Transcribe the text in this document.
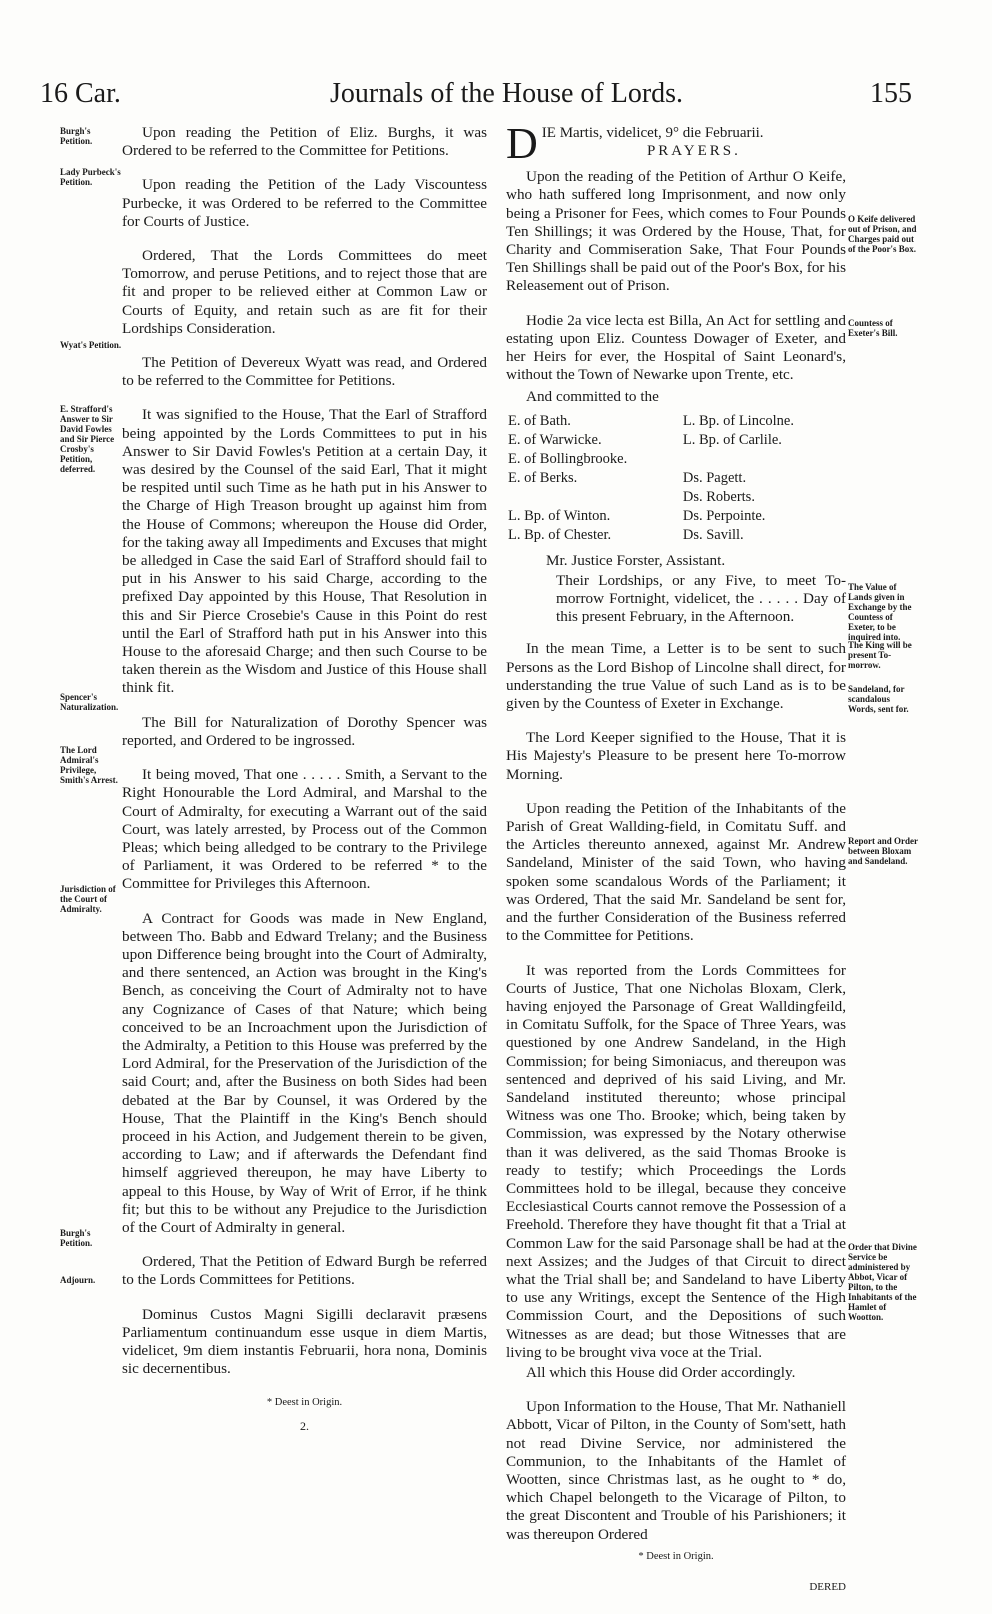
16 Car.	Journals of the House of Lords.	155

Upon reading the Petition of Eliz. Burghs, it was Ordered to be referred to the Committee for Petitions.

Upon reading the Petition of the Lady Viscountess Purbecke, it was Ordered to be referred to the Committee for Courts of Justice.

Ordered, That the Lords Committees do meet Tomorrow, and peruse Petitions, and to reject those that are fit and proper to be relieved either at Common Law or Courts of Equity, and retain such as are fit for their Lordships Consideration.

The Petition of Devereux Wyatt was read, and Ordered to be referred to the Committee for Petitions.

It was signified to the House, That the Earl of Strafford being appointed by the Lords Committees to put in his Answer to Sir David Fowles's Petition at a certain Day, it was desired by the Counsel of the said Earl, That it might be respited until such Time as he hath put in his Answer to the Charge of High Treason brought up against him from the House of Commons; whereupon the House did Order, for the taking away all Impediments and Excuses that might be alledged in Case the said Earl of Strafford should fail to put in his Answer to his said Charge, according to the prefixed Day appointed by this House, That Resolution in this and Sir Pierce Crosebie's Cause in this Point do rest until the Earl of Strafford hath put in his Answer into this House to the aforesaid Charge; and then such Course to be taken therein as the Wisdom and Justice of this House shall think fit.

The Bill for Naturalization of Dorothy Spencer was reported, and Ordered to be ingrossed.

It being moved, That one . . . . . Smith, a Servant to the Right Honourable the Lord Admiral, and Marshal to the Court of Admiralty, for executing a Warrant out of the said Court, was lately arrested, by Process out of the Common Pleas; which being alledged to be contrary to the Privilege of Parliament, it was Ordered to be referred * to the Committee for Privileges this Afternoon.

A Contract for Goods was made in New England, between Tho. Babb and Edward Trelany; and the Business upon Difference being brought into the Court of Admiralty, and there sentenced, an Action was brought in the King's Bench, as conceiving the Court of Admiralty not to have any Cognizance of Cases of that Nature; which being conceived to be an Incroachment upon the Jurisdiction of the Admiralty, a Petition to this House was preferred by the Lord Admiral, for the Preservation of the Jurisdiction of the said Court; and, after the Business on both Sides had been debated at the Bar by Counsel, it was Ordered by the House, That the Plaintiff in the King's Bench should proceed in his Action, and Judgement therein to be given, according to Law; and if afterwards the Defendant find himself aggrieved thereupon, he may have Liberty to appeal to this House, by Way of Writ of Error, if he think fit; but this to be without any Prejudice to the Jurisdiction of the Court of Admiralty in general.

Ordered, That the Petition of Edward Burgh be referred to the Lords Committees for Petitions.

Dominus Custos Magni Sigilli declaravit præsens Parliamentum continuandum esse usque in diem Martis, videlicet, 9m diem instantis Februarii, hora nona, Dominis sic decernentibus.

* Deest in Origin.

2.

Burgh's Petition.
Lady Purbeck's Petition.
Wyat's Petition.
E. Strafford's Answer to Sir David Fowles and Sir Pierce Crosby's Petition, deferred.
Spencer's Naturalization.
The Lord Admiral's Privilege, Smith's Arrest.
Jurisdiction of the Court of Admiralty.
Burgh's Petition.
Adjourn.
D IE Martis, videlicet, 9° die Februarii.

PRAYERS.

Upon the reading of the Petition of Arthur O Keife, who hath suffered long Imprisonment, and now only being a Prisoner for Fees, which comes to Four Pounds Ten Shillings; it was Ordered by the House, That, for Charity and Commiseration Sake, That Four Pounds Ten Shillings shall be paid out of the Poor's Box, for his Releasement out of Prison.

Hodie 2a vice lecta est Billa, An Act for settling and estating upon Eliz. Countess Dowager of Exeter, and her Heirs for ever, the Hospital of Saint Leonard's, without the Town of Newarke upon Trente, etc.

And committed to the

E. of Bath.	L. Bp. of Lincolne.
E. of Warwicke.	L. Bp. of Carlile.
E. of Bollingbrooke.	
E. of Berks.	Ds. Pagett.
	Ds. Roberts.
L. Bp. of Winton.	Ds. Perpointe.
L. Bp. of Chester.	Ds. Savill.

Mr. Justice Forster, Assistant.

Their Lordships, or any Five, to meet To-morrow Fortnight, videlicet, the . . . . . Day of this present February, in the Afternoon.

In the mean Time, a Letter is to be sent to such Persons as the Lord Bishop of Lincolne shall direct, for understanding the true Value of such Land as is to be given by the Countess of Exeter in Exchange.

The Lord Keeper signified to the House, That it is His Majesty's Pleasure to be present here To-morrow Morning.

Upon reading the Petition of the Inhabitants of the Parish of Great Wallding-field, in Comitatu Suff. and the Articles thereunto annexed, against Mr. Andrew Sandeland, Minister of the said Town, who having spoken some scandalous Words of the Parliament; it was Ordered, That the said Mr. Sandeland be sent for, and the further Consideration of the Business referred to the Committee for Petitions.

It was reported from the Lords Committees for Courts of Justice, That one Nicholas Bloxam, Clerk, having enjoyed the Parsonage of Great Walldingfeild, in Comitatu Suffolk, for the Space of Three Years, was questioned by one Andrew Sandeland, in the High Commission; for being Simoniacus, and thereupon was sentenced and deprived of his said Living, and Mr. Sandeland instituted thereunto; whose principal Witness was one Tho. Brooke; which, being taken by Commission, was expressed by the Notary otherwise than it was delivered, as the said Thomas Brooke is ready to testify; which Proceedings the Lords Committees hold to be illegal, because they conceive Ecclesiastical Courts cannot remove the Possession of a Freehold. Therefore they have thought fit that a Trial at Common Law for the said Parsonage shall be had at the next Assizes; and the Judges of that Circuit to direct what the Trial shall be; and Sandeland to have Liberty to use any Writings, except the Sentence of the High Commission Court, and the Depositions of such Witnesses as are dead; but those Witnesses that are living to be brought viva voce at the Trial.

All which this House did Order accordingly.

Upon Information to the House, That Mr. Nathaniell Abbott, Vicar of Pilton, in the County of Som'sett, hath not read Divine Service, nor administered the Communion, to the Inhabitants of the Hamlet of Wootten, since Christmas last, as he ought to * do, which Chapel belongeth to the Vicarage of Pilton, to the great Discontent and Trouble of his Parishioners; it was thereupon Ordered

* Deest in Origin.

DERED

O Keife delivered out of Prison, and Charges paid out of the Poor's Box.
Countess of Exeter's Bill.
The Value of Lands given in Exchange by the Countess of Exeter, to be inquired into.
The King will be present To-morrow.
Sandeland, for scandalous Words, sent for.
Report and Order between Bloxam and Sandeland.
Order that Divine Service be administered by Abbot, Vicar of Pilton, to the Inhabitants of the Hamlet of Wootton.
